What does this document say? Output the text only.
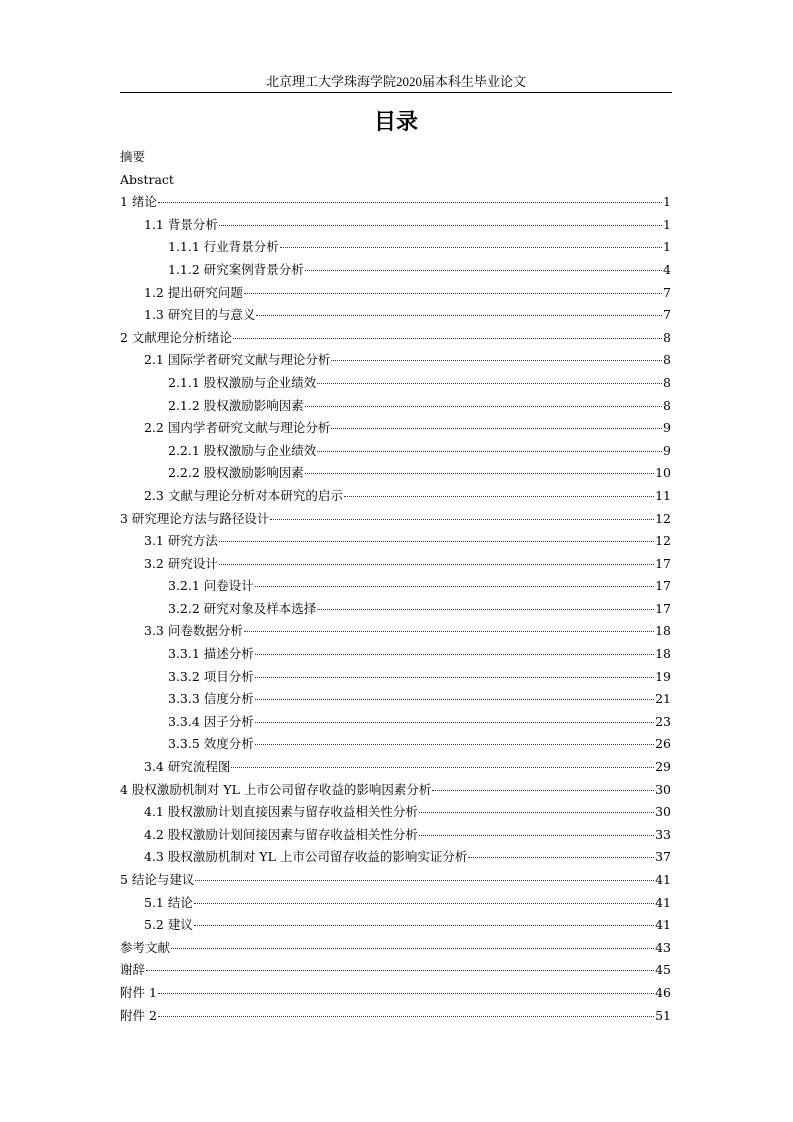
北京理工大学珠海学院2020届本科生毕业论文
目录
摘要
Abstract
1 绪论	1
1.1 背景分析	1
1.1.1 行业背景分析	1
1.1.2 研究案例背景分析	4
1.2 提出研究问题	7
1.3 研究目的与意义	7
2 文献理论分析绪论	8
2.1 国际学者研究文献与理论分析	8
2.1.1 股权激励与企业绩效	8
2.1.2 股权激励影响因素	8
2.2 国内学者研究文献与理论分析	9
2.2.1 股权激励与企业绩效	9
2.2.2 股权激励影响因素	10
2.3 文献与理论分析对本研究的启示	11
3 研究理论方法与路径设计	12
3.1 研究方法	12
3.2 研究设计	17
3.2.1 问卷设计	17
3.2.2 研究对象及样本选择	17
3.3 问卷数据分析	18
3.3.1 描述分析	18
3.3.2 项目分析	19
3.3.3 信度分析	21
3.3.4 因子分析	23
3.3.5 效度分析	26
3.4 研究流程图	29
4 股权激励机制对 YL 上市公司留存收益的影响因素分析	30
4.1 股权激励计划直接因素与留存收益相关性分析	30
4.2 股权激励计划间接因素与留存收益相关性分析	33
4.3 股权激励机制对 YL 上市公司留存收益的影响实证分析	37
5 结论与建议	41
5.1 结论	41
5.2 建议	41
参考文献	43
谢辞	45
附件 1	46
附件 2	51
